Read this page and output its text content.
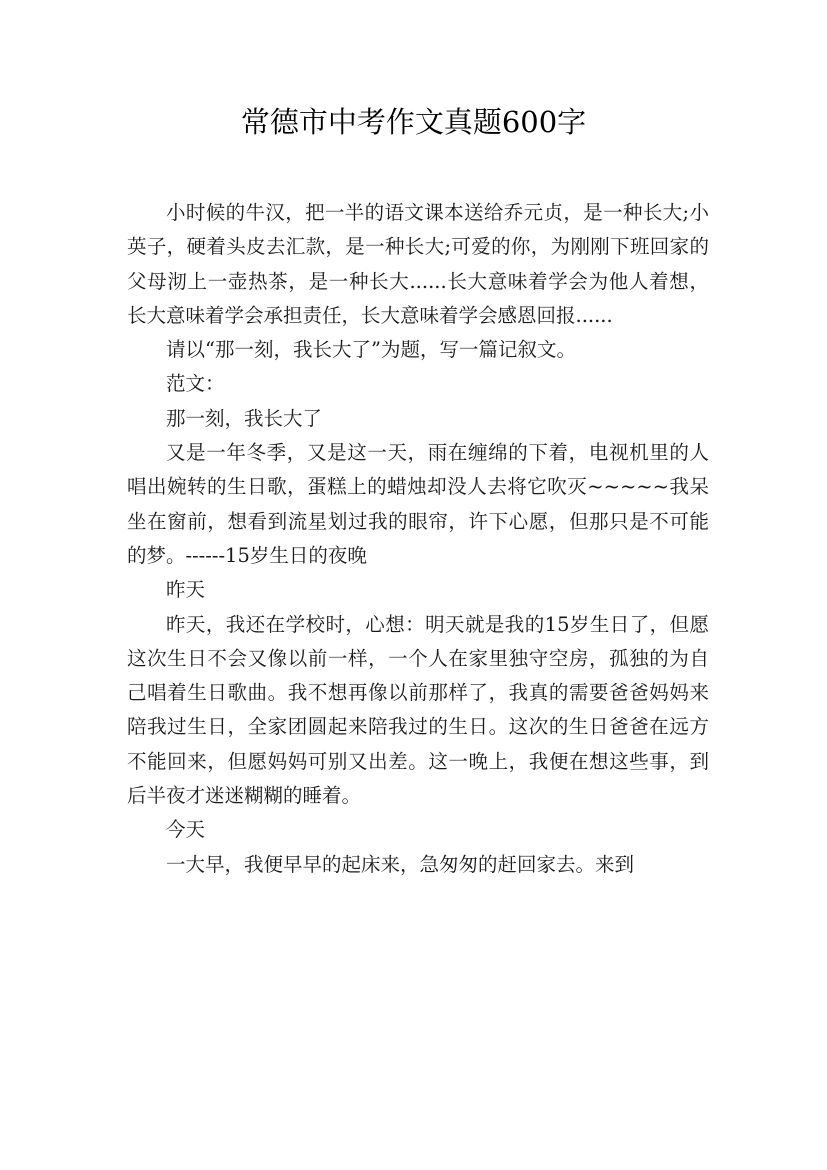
常德市中考作文真题600字

小时候的牛汉，把一半的语文课本送给乔元贞，是一种长大;小英子，硬着头皮去汇款，是一种长大;可爱的你，为刚刚下班回家的父母沏上一壶热茶，是一种长大......长大意味着学会为他人着想，长大意味着学会承担责任，长大意味着学会感恩回报......

请以“那一刻，我长大了”为题，写一篇记叙文。

范文：

那一刻，我长大了

又是一年冬季，又是这一天，雨在缠绵的下着，电视机里的人唱出婉转的生日歌，蛋糕上的蜡烛却没人去将它吹灭~~~~~我呆坐在窗前，想看到流星划过我的眼帘，许下心愿，但那只是不可能的梦。------15岁生日的夜晚

昨天

昨天，我还在学校时，心想：明天就是我的15岁生日了，但愿这次生日不会又像以前一样，一个人在家里独守空房，孤独的为自己唱着生日歌曲。我不想再像以前那样了，我真的需要爸爸妈妈来陪我过生日，全家团圆起来陪我过的生日。这次的生日爸爸在远方不能回来，但愿妈妈可别又出差。这一晚上，我便在想这些事，到后半夜才迷迷糊糊的睡着。

今天

一大早，我便早早的起床来，急匆匆的赶回家去。来到
